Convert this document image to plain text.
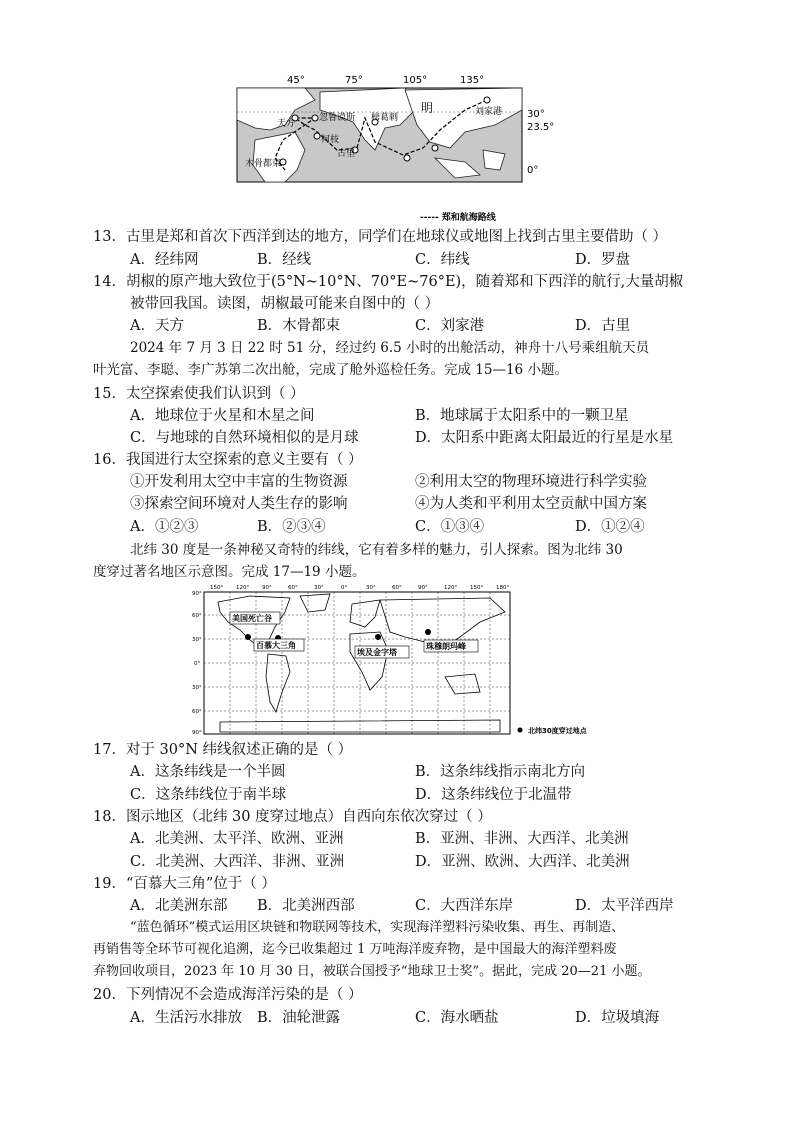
45°	75°	105°	135°
天方
忽鲁谟斯
柯枝
古里
榜葛剌
刘家港
木骨都束
明	30°
23.5°
0°
----- 郑和航海路线
13．古里是郑和首次下西洋到达的地方，同学们在地球仪或地图上找到古里主要借助（ ）
A．经纬网	B．经线	C．纬线	D．罗盘
14．胡椒的原产地大致位于(5°N~10°N、70°E~76°E)，随着郑和下西洋的航行,大量胡椒
被带回我国。读图，胡椒最可能来自图中的（ ）
A．天方	B．木骨都束	C．刘家港	D．古里
2024 年 7 月 3 日 22 时 51 分，经过约 6.5 小时的出舱活动，神舟十八号乘组航天员
叶光富、李聪、李广苏第二次出舱，完成了舱外巡检任务。完成 15—16 小题。
15．太空探索使我们认识到（ ）
A．地球位于火星和木星之间	B．地球属于太阳系中的一颗卫星
C．与地球的自然环境相似的是月球	D．太阳系中距离太阳最近的行星是水星
16．我国进行太空探索的意义主要有（ ）
①开发利用太空中丰富的生物资源	②利用太空的物理环境进行科学实验
③探索空间环境对人类生存的影响	④为人类和平利用太空贡献中国方案
A．①②③	B．②③④	C．①③④	D．①②④
北纬 30 度是一条神秘又奇特的纬线，它有着多样的魅力，引人探索。图为北纬 30
度穿过著名地区示意图。完成 17—19 小题。
150° 120° 90°	60°	30°	0°	30°	60°	90°	120° 150° 180°
90°
60°
30°
0°
30°
60°
90°
美国死亡谷
百慕大三角
埃及金字塔
珠穆朗玛峰
北纬30度穿过地点
17．对于 30°N 纬线叙述正确的是（ ）
A．这条纬线是一个半圆	B．这条纬线指示南北方向
C．这条纬线位于南半球	D．这条纬线位于北温带
18．图示地区（北纬 30 度穿过地点）自西向东依次穿过（ ）
A．北美洲、太平洋、欧洲、亚洲	B．亚洲、非洲、大西洋、北美洲
C．北美洲、大西洋、非洲、亚洲	D．亚洲、欧洲、大西洋、北美洲
19．“百慕大三角”位于（ ）
A．北美洲东部 B．北美洲西部	C．大西洋东岸	D．太平洋西岸
“蓝色循环”模式运用区块链和物联网等技术，实现海洋塑料污染收集、再生、再制造、
再销售等全环节可视化追溯，迄今已收集超过 1 万吨海洋废弃物，是中国最大的海洋塑料废
弃物回收项目，2023 年 10 月 30 日，被联合国授予“地球卫士奖”。据此，完成 20—21 小题。
20．下列情况不会造成海洋污染的是（ ）
A．生活污水排放 B．油轮泄露	C．海水晒盐	D．垃圾填海
